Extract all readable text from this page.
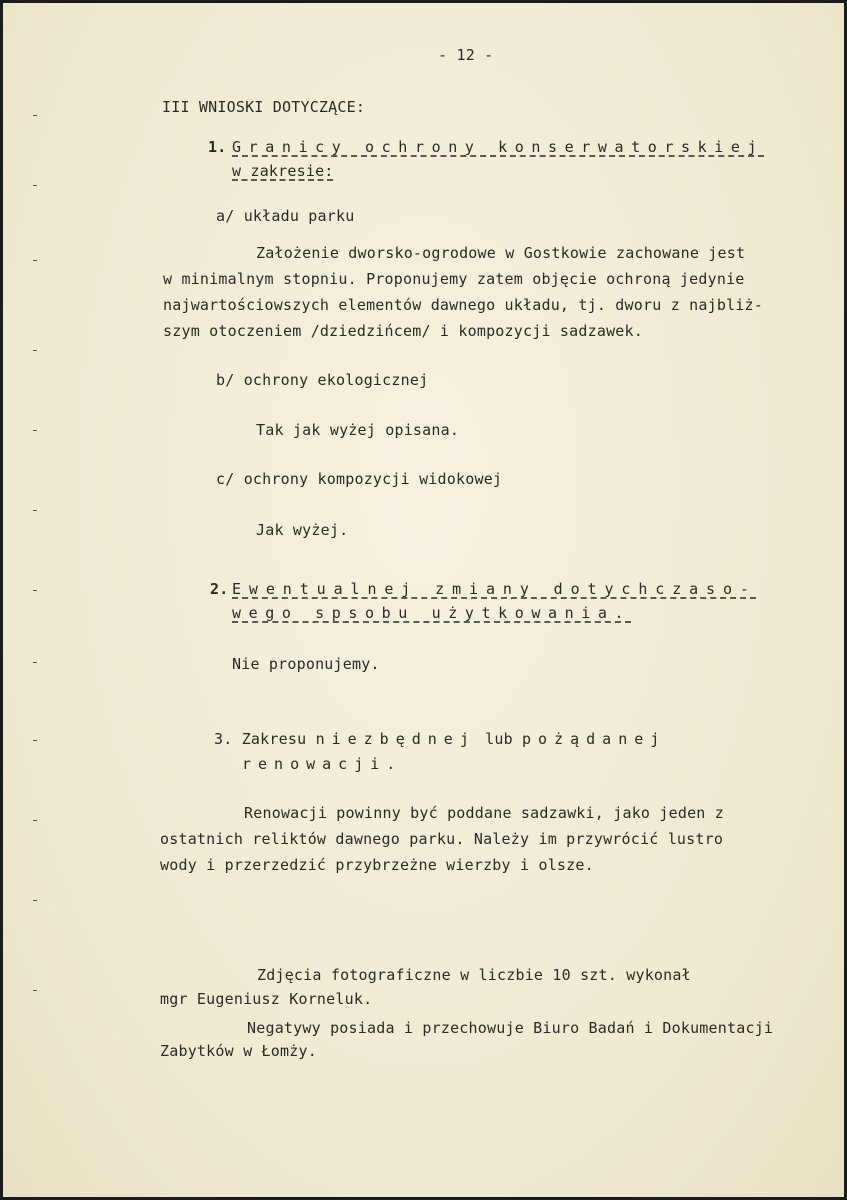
- 12 -
III WNIOSKI DOTYCZĄCE:
1. Granicy ochrony konserwatorskiej
w zakresie:
a/ układu parku
Założenie dworsko-ogrodowe w Gostkowie zachowane jest
w minimalnym stopniu. Proponujemy zatem objęcie ochroną jedynie
najwartościowszych elementów dawnego układu, tj. dworu z najbliż-
szym otoczeniem /dziedzińcem/ i kompozycji sadzawek.
b/ ochrony ekologicznej
Tak jak wyżej opisana.
c/ ochrony kompozycji widokowej
Jak wyżej.
2. Ewentualnej zmiany dotychczaso-
wego spsobu użytkowania.
Nie proponujemy.
3. Zakresu niezbędnej lub pożądanej
renowacji.
Renowacji powinny być poddane sadzawki, jako jeden z
ostatnich reliktów dawnego parku. Należy im przywrócić lustro
wody i przerzedzić przybrzeżne wierzby i olsze.
Zdjęcia fotograficzne w liczbie 10 szt. wykonał
mgr Eugeniusz Korneluk.
Negatywy posiada i przechowuje Biuro Badań i Dokumentacji
Zabytków w Łomży.
